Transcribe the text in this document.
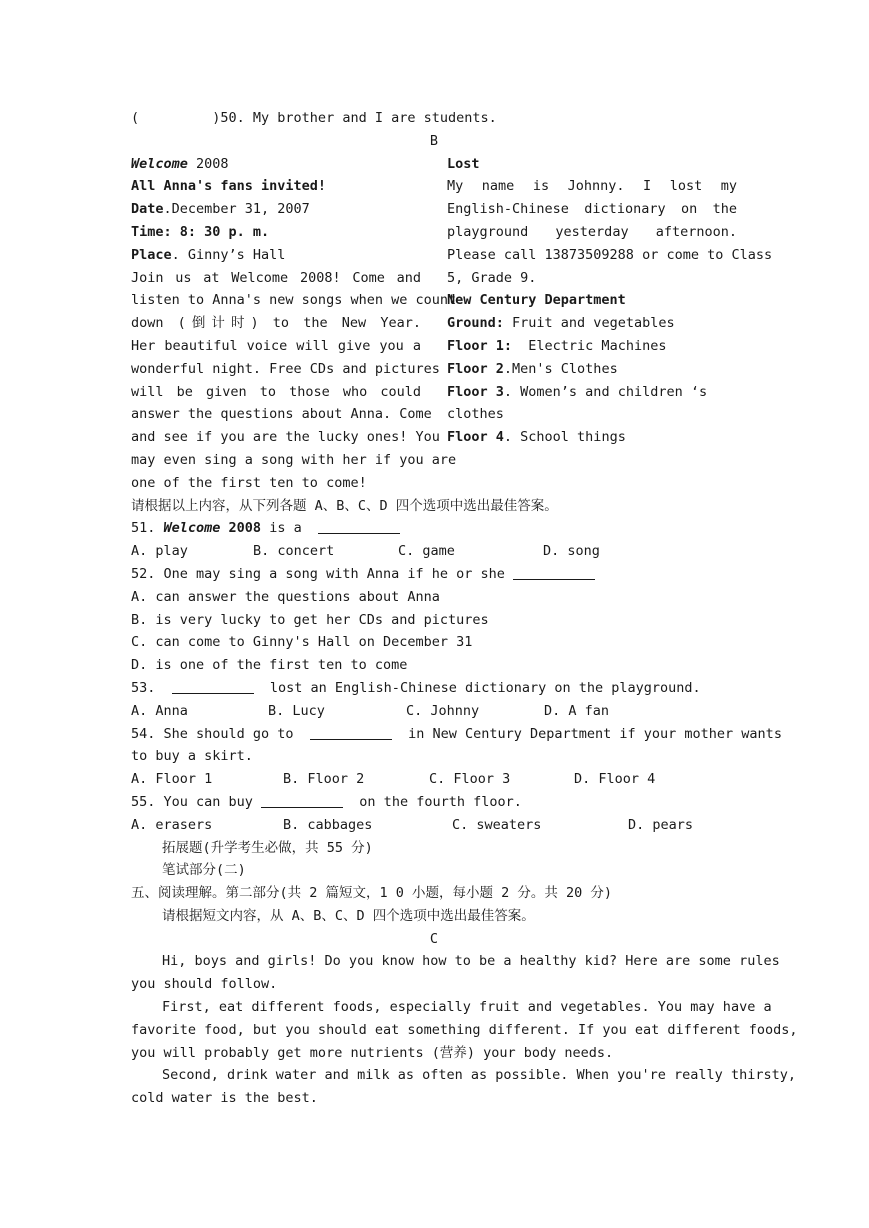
(         )50. My brother and I are students.
B
Welcome 2008
All Anna's fans invited!
Date.December 31, 2007
Time: 8: 30 p. m.
Place. Ginny’s Hall
Join us at Welcome 2008! Come and
listen to Anna's new songs when we count
down (倒计时) to the New Year.
Her beautiful voice will give you a
wonderful night. Free CDs and pictures
will be given to those who could
answer the questions about Anna. Come
and see if you are the lucky ones! You
may even sing a song with her if you are
Lost
My name is Johnny. I lost my
English-Chinese dictionary on the
playground yesterday afternoon.
Please call 13873509288 or come to Class
5, Grade 9.
New Century Department
Ground: Fruit and vegetables
Floor 1:  Electric Machines
Floor 2.Men's Clothes
Floor 3. Women’s and children ‘s
clothes
Floor 4. School things
one of the first ten to come!
请根据以上内容，从下列各题 A、B、C、D 四个选项中选出最佳答案。
51. Welcome 2008 is a
A. play	B. concert	C. game	D. song
52. One may sing a song with Anna if he or she
A. can answer the questions about Anna
B. is very lucky to get her CDs and pictures
C. can come to Ginny's Hall on December 31
D. is one of the first ten to come
53.	lost an English-Chinese dictionary on the playground.
A. Anna	B. Lucy	C. Johnny	D. A fan
54. She should go to	in New Century Department if your mother wants
to buy a skirt.
A. Floor 1	B. Floor 2	C. Floor 3	D. Floor 4
55. You can buy	on the fourth floor.
A. erasers	B. cabbages	C. sweaters	D. pears
拓展题(升学考生必做，共 55 分)
笔试部分(二)
五、阅读理解。第二部分(共 2 篇短文，1 0 小题，每小题 2 分。共 20 分)
请根据短文内容，从 A、B、C、D 四个选项中选出最佳答案。
C
Hi, boys and girls! Do you know how to be a healthy kid? Here are some rules
you should follow.
First, eat different foods, especially fruit and vegetables. You may have a
favorite food, but you should eat something different. If you eat different foods,
you will probably get more nutrients (营养) your body needs.
Second, drink water and milk as often as possible. When you're really thirsty,
cold water is the best.
